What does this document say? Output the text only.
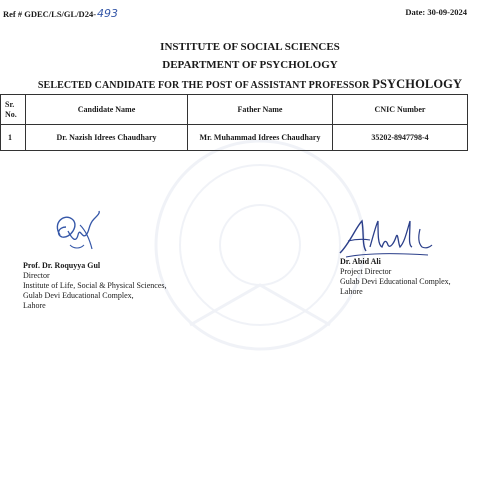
Ref # GDEC/LS/GL/D24-493	Date: 30-09-2024
INSTITUTE OF SOCIAL SCIENCES
DEPARTMENT OF PSYCHOLOGY
SELECTED CANDIDATE FOR THE POST OF ASSISTANT PROFESSOR PSYCHOLOGY
Sr.
No.	Candidate Name	Father Name	CNIC Number
1	Dr. Nazish Idrees Chaudhary	Mr. Muhammad Idrees Chaudhary	35202-8947798-4
Prof. Dr. Roquyya Gul
Director
Institute of Life, Social & Physical Sciences,
Gulab Devi Educational Complex,
Lahore
Dr. Abid Ali
Project Director
Gulab Devi Educational Complex,
Lahore
